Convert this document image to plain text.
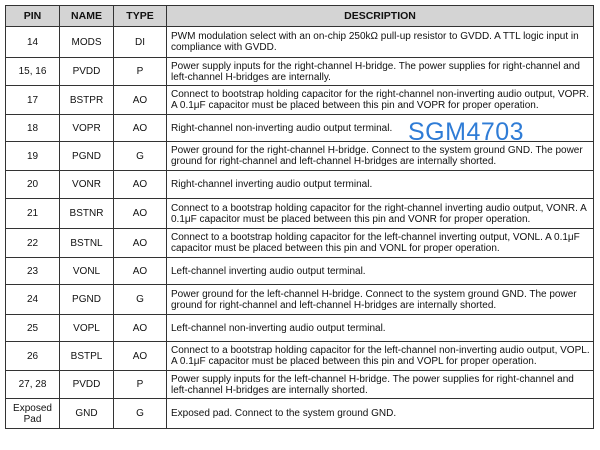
PIN	NAME	TYPE	DESCRIPTION
14	MODS	DI	PWM modulation select with an on-chip 250kΩ pull-up resistor to GVDD. A TTL logic input in compliance with GVDD.
15, 16	PVDD	P	Power supply inputs for the right-channel H-bridge. The power supplies for right-channel and left-channel H-bridges are internally.
17	BSTPR	AO	Connect to bootstrap holding capacitor for the right-channel non-inverting audio output, VOPR. A 0.1μF capacitor must be placed between this pin and VOPR for proper operation.
18	VOPR	AO	Right-channel non-inverting audio output terminal.
19	PGND	G	Power ground for the right-channel H-bridge. Connect to the system ground GND. The power ground for right-channel and left-channel H-bridges are internally shorted.
20	VONR	AO	Right-channel inverting audio output terminal.
21	BSTNR	AO	Connect to a bootstrap holding capacitor for the right-channel inverting audio output, VONR. A 0.1μF capacitor must be placed between this pin and VONR for proper operation.
22	BSTNL	AO	Connect to a bootstrap holding capacitor for the left-channel inverting output, VONL. A 0.1μF capacitor must be placed between this pin and VONL for proper operation.
23	VONL	AO	Left-channel inverting audio output terminal.
24	PGND	G	Power ground for the left-channel H-bridge. Connect to the system ground GND. The power ground for right-channel and left-channel H-bridges are internally shorted.
25	VOPL	AO	Left-channel non-inverting audio output terminal.
26	BSTPL	AO	Connect to a bootstrap holding capacitor for the left-channel non-inverting audio output, VOPL. A 0.1μF capacitor must be placed between this pin and VOPL for proper operation.
27, 28	PVDD	P	Power supply inputs for the left-channel H-bridge. The power supplies for right-channel and left-channel H-bridges are internally shorted.
Exposed Pad	GND	G	Exposed pad. Connect to the system ground GND.
SGM4703
